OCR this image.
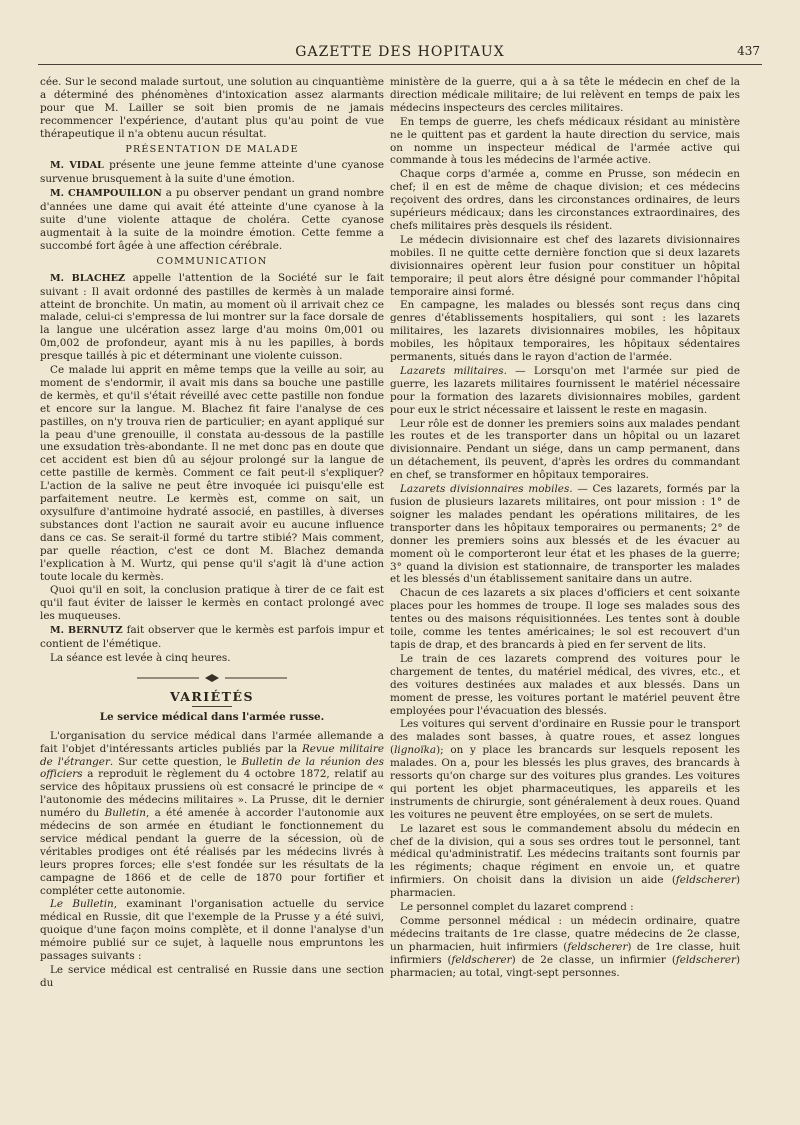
GAZETTE DES HOPITAUX	437

cée. Sur le second malade surtout, une solution au cinquantième a déterminé des phénomènes d'intoxication assez alarmants pour que M. Lailler se soit bien promis de ne jamais recommencer l'expérience, d'autant plus qu'au point de vue thérapeutique il n'a obtenu aucun résultat.

PRÉSENTATION DE MALADE

M. VIDAL présente une jeune femme atteinte d'une cyanose survenue brusquement à la suite d'une émotion.

M. CHAMPOUILLON a pu observer pendant un grand nombre d'années une dame qui avait été atteinte d'une cyanose à la suite d'une violente attaque de choléra. Cette cyanose augmentait à la suite de la moindre émotion. Cette femme a succombé fort âgée à une affection cérébrale.

COMMUNICATION

M. BLACHEZ appelle l'attention de la Société sur le fait suivant : Il avait ordonné des pastilles de kermès à un malade atteint de bronchite. Un matin, au moment où il arrivait chez ce malade, celui-ci s'empressa de lui montrer sur la face dorsale de la langue une ulcération assez large d'au moins 0m,001 ou 0m,002 de profondeur, ayant mis à nu les papilles, à bords presque taillés à pic et déterminant une violente cuisson.

Ce malade lui apprit en même temps que la veille au soir, au moment de s'endormir, il avait mis dans sa bouche une pastille de kermès, et qu'il s'était réveillé avec cette pastille non fondue et encore sur la langue. M. Blachez fit faire l'analyse de ces pastilles, on n'y trouva rien de particulier; en ayant appliqué sur la peau d'une grenouille, il constata au-dessous de la pastille une exsudation très-abondante. Il ne met donc pas en doute que cet accident est bien dû au séjour prolongé sur la langue de cette pastille de kermès. Comment ce fait peut-il s'expliquer? L'action de la salive ne peut être invoquée ici puisqu'elle est parfaitement neutre. Le kermès est, comme on sait, un oxysulfure d'antimoine hydraté associé, en pastilles, à diverses substances dont l'action ne saurait avoir eu aucune influence dans ce cas. Se serait-il formé du tartre stibié? Mais comment, par quelle réaction, c'est ce dont M. Blachez demanda l'explication à M. Wurtz, qui pense qu'il s'agit là d'une action toute locale du kermès.

Quoi qu'il en soit, la conclusion pratique à tirer de ce fait est qu'il faut éviter de laisser le kermès en contact prolongé avec les muqueuses.

M. BERNUTZ fait observer que le kermès est parfois impur et contient de l'émétique.

La séance est levée à cinq heures.

VARIÉTÉS
Le service médical dans l'armée russe.

L'organisation du service médical dans l'armée allemande a fait l'objet d'intéressants articles publiés par la Revue militaire de l'étranger. Sur cette question, le Bulletin de la réunion des officiers a reproduit le règlement du 4 octobre 1872, relatif au service des hôpitaux prussiens où est consacré le principe de « l'autonomie des médecins militaires ». La Prusse, dit le dernier numéro du Bulletin, a été amenée à accorder l'autonomie aux médecins de son armée en étudiant le fonctionnement du service médical pendant la guerre de la sécession, où de véritables prodiges ont été réalisés par les médecins livrés à leurs propres forces; elle s'est fondée sur les résultats de la campagne de 1866 et de celle de 1870 pour fortifier et compléter cette autonomie.

Le Bulletin, examinant l'organisation actuelle du service médical en Russie, dit que l'exemple de la Prusse y a été suivi, quoique d'une façon moins complète, et il donne l'analyse d'un mémoire publié sur ce sujet, à laquelle nous empruntons les passages suivants :

Le service médical est centralisé en Russie dans une section du

ministère de la guerre, qui a à sa tête le médecin en chef de la direction médicale militaire; de lui relèvent en temps de paix les médecins inspecteurs des cercles militaires.

En temps de guerre, les chefs médicaux résidant au ministère ne le quittent pas et gardent la haute direction du service, mais on nomme un inspecteur médical de l'armée active qui commande à tous les médecins de l'armée active.

Chaque corps d'armée a, comme en Prusse, son médecin en chef; il en est de même de chaque division; et ces médecins reçoivent des ordres, dans les circonstances ordinaires, de leurs supérieurs médicaux; dans les circonstances extraordinaires, des chefs militaires près desquels ils résident.

Le médecin divisionnaire est chef des lazarets divisionnaires mobiles. Il ne quitte cette dernière fonction que si deux lazarets divisionnaires opèrent leur fusion pour constituer un hôpital temporaire; il peut alors être désigné pour commander l'hôpital temporaire ainsi formé.

En campagne, les malades ou blessés sont reçus dans cinq genres d'établissements hospitaliers, qui sont : les lazarets militaires, les lazarets divisionnaires mobiles, les hôpitaux mobiles, les hôpitaux temporaires, les hôpitaux sédentaires permanents, situés dans le rayon d'action de l'armée.

Lazarets militaires. — Lorsqu'on met l'armée sur pied de guerre, les lazarets militaires fournissent le matériel nécessaire pour la formation des lazarets divisionnaires mobiles, gardent pour eux le strict nécessaire et laissent le reste en magasin.

Leur rôle est de donner les premiers soins aux malades pendant les routes et de les transporter dans un hôpital ou un lazaret divisionnaire. Pendant un siége, dans un camp permanent, dans un détachement, ils peuvent, d'après les ordres du commandant en chef, se transformer en hôpitaux temporaires.

Lazarets divisionnaires mobiles. — Ces lazarets, formés par la fusion de plusieurs lazarets militaires, ont pour mission : 1° de soigner les malades pendant les opérations militaires, de les transporter dans les hôpitaux temporaires ou permanents; 2° de donner les premiers soins aux blessés et de les évacuer au moment où le comporteront leur état et les phases de la guerre; 3° quand la division est stationnaire, de transporter les malades et les blessés d'un établissement sanitaire dans un autre.

Chacun de ces lazarets a six places d'officiers et cent soixante places pour les hommes de troupe. Il loge ses malades sous des tentes ou des maisons réquisitionnées. Les tentes sont à double toile, comme les tentes américaines; le sol est recouvert d'un tapis de drap, et des brancards à pied en fer servent de lits.

Le train de ces lazarets comprend des voitures pour le chargement de tentes, du matériel médical, des vivres, etc., et des voitures destinées aux malades et aux blessés. Dans un moment de presse, les voitures portant le matériel peuvent être employées pour l'évacuation des blessés.

Les voitures qui servent d'ordinaire en Russie pour le transport des malades sont basses, à quatre roues, et assez longues (lignoïka); on y place les brancards sur lesquels reposent les malades. On a, pour les blessés les plus graves, des brancards à ressorts qu'on charge sur des voitures plus grandes. Les voitures qui portent les objet pharmaceutiques, les appareils et les instruments de chirurgie, sont généralement à deux roues. Quand les voitures ne peuvent être employées, on se sert de mulets.

Le lazaret est sous le commandement absolu du médecin en chef de la division, qui a sous ses ordres tout le personnel, tant médical qu'administratif. Les médecins traitants sont fournis par les régiments; chaque régiment en envoie un, et quatre infirmiers. On choisit dans la division un aide (feldscherer) pharmacien.

Le personnel complet du lazaret comprend :

Comme personnel médical : un médecin ordinaire, quatre médecins traitants de 1re classe, quatre médecins de 2e classe, un pharmacien, huit infirmiers (feldscherer) de 1re classe, huit infirmiers (feldscherer) de 2e classe, un infirmier (feldscherer) pharmacien; au total, vingt-sept personnes.
